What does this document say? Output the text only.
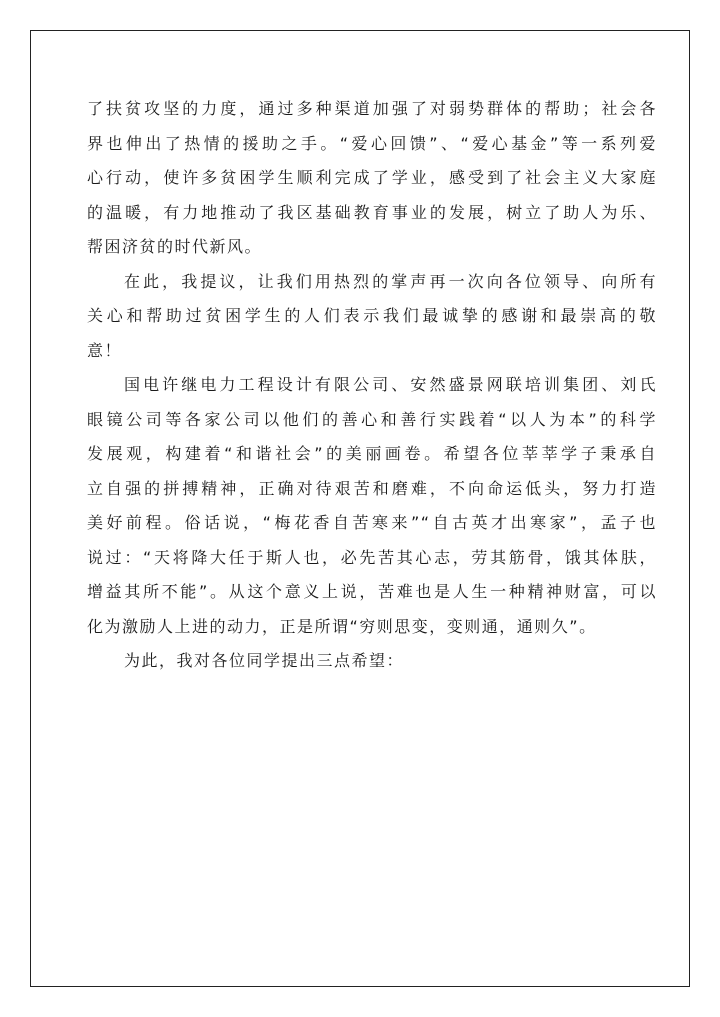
了扶贫攻坚的力度，通过多种渠道加强了对弱势群体的帮助；社会各
界也伸出了热情的援助之手。“爱心回馈”、“爱心基金”等一系列爱
心行动，使许多贫困学生顺利完成了学业，感受到了社会主义大家庭
的温暖，有力地推动了我区基础教育事业的发展，树立了助人为乐、
帮困济贫的时代新风。

在此，我提议，让我们用热烈的掌声再一次向各位领导、向所有
关心和帮助过贫困学生的人们表示我们最诚挚的感谢和最崇高的敬
意！

国电许继电力工程设计有限公司、安然盛景网联培训集团、刘氏
眼镜公司等各家公司以他们的善心和善行实践着“以人为本”的科学
发展观，构建着“和谐社会”的美丽画卷。希望各位莘莘学子秉承自
立自强的拼搏精神，正确对待艰苦和磨难，不向命运低头，努力打造
美好前程。俗话说，“梅花香自苦寒来”“自古英才出寒家”，孟子也
说过：“天将降大任于斯人也，必先苦其心志，劳其筋骨，饿其体肤，
增益其所不能”。从这个意义上说，苦难也是人生一种精神财富，可以
化为激励人上进的动力，正是所谓“穷则思变，变则通，通则久”。

为此，我对各位同学提出三点希望：
